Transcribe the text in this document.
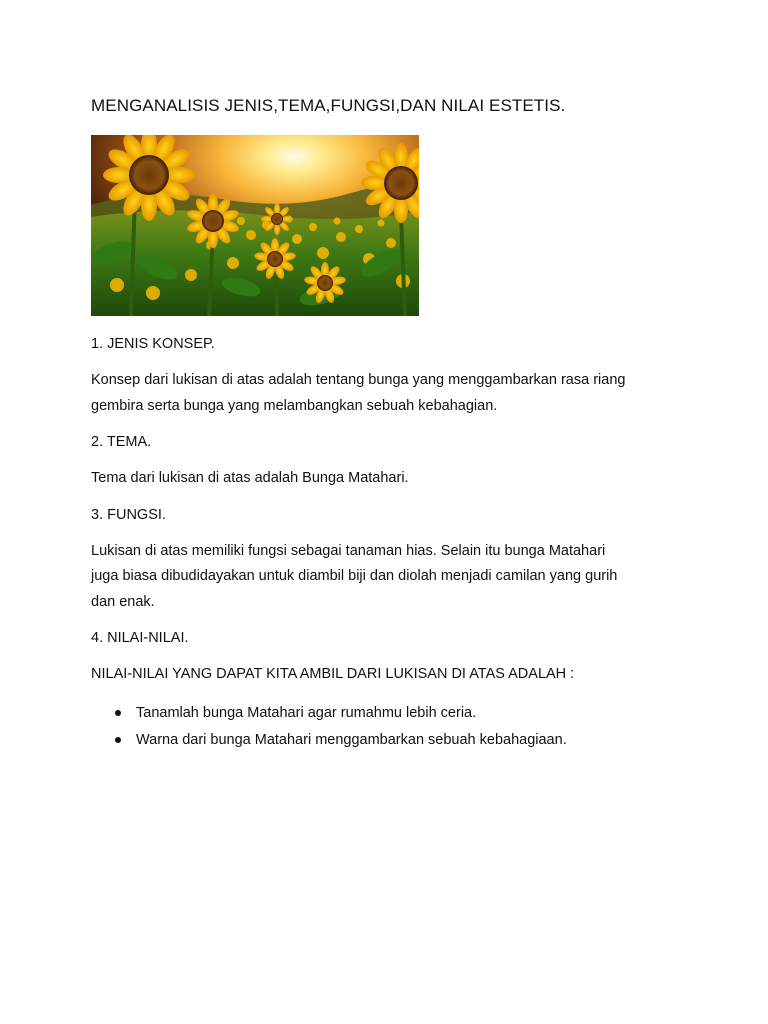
MENGANALISIS JENIS,TEMA,FUNGSI,DAN NILAI ESTETIS.

1. JENIS KONSEP.

Konsep dari lukisan di atas adalah tentang bunga yang menggambarkan rasa riang
gembira serta bunga yang melambangkan sebuah kebahagian.

2. TEMA.

Tema dari lukisan di atas adalah Bunga Matahari.

3. FUNGSI.

Lukisan di atas memiliki fungsi sebagai tanaman hias. Selain itu bunga Matahari
juga biasa dibudidayakan untuk diambil biji dan diolah menjadi camilan yang gurih
dan enak.

4. NILAI-NILAI.

NILAI-NILAI YANG DAPAT KITA AMBIL DARI LUKISAN DI ATAS ADALAH :

Tanamlah bunga Matahari agar rumahmu lebih ceria.
Warna dari bunga Matahari menggambarkan sebuah kebahagiaan.
